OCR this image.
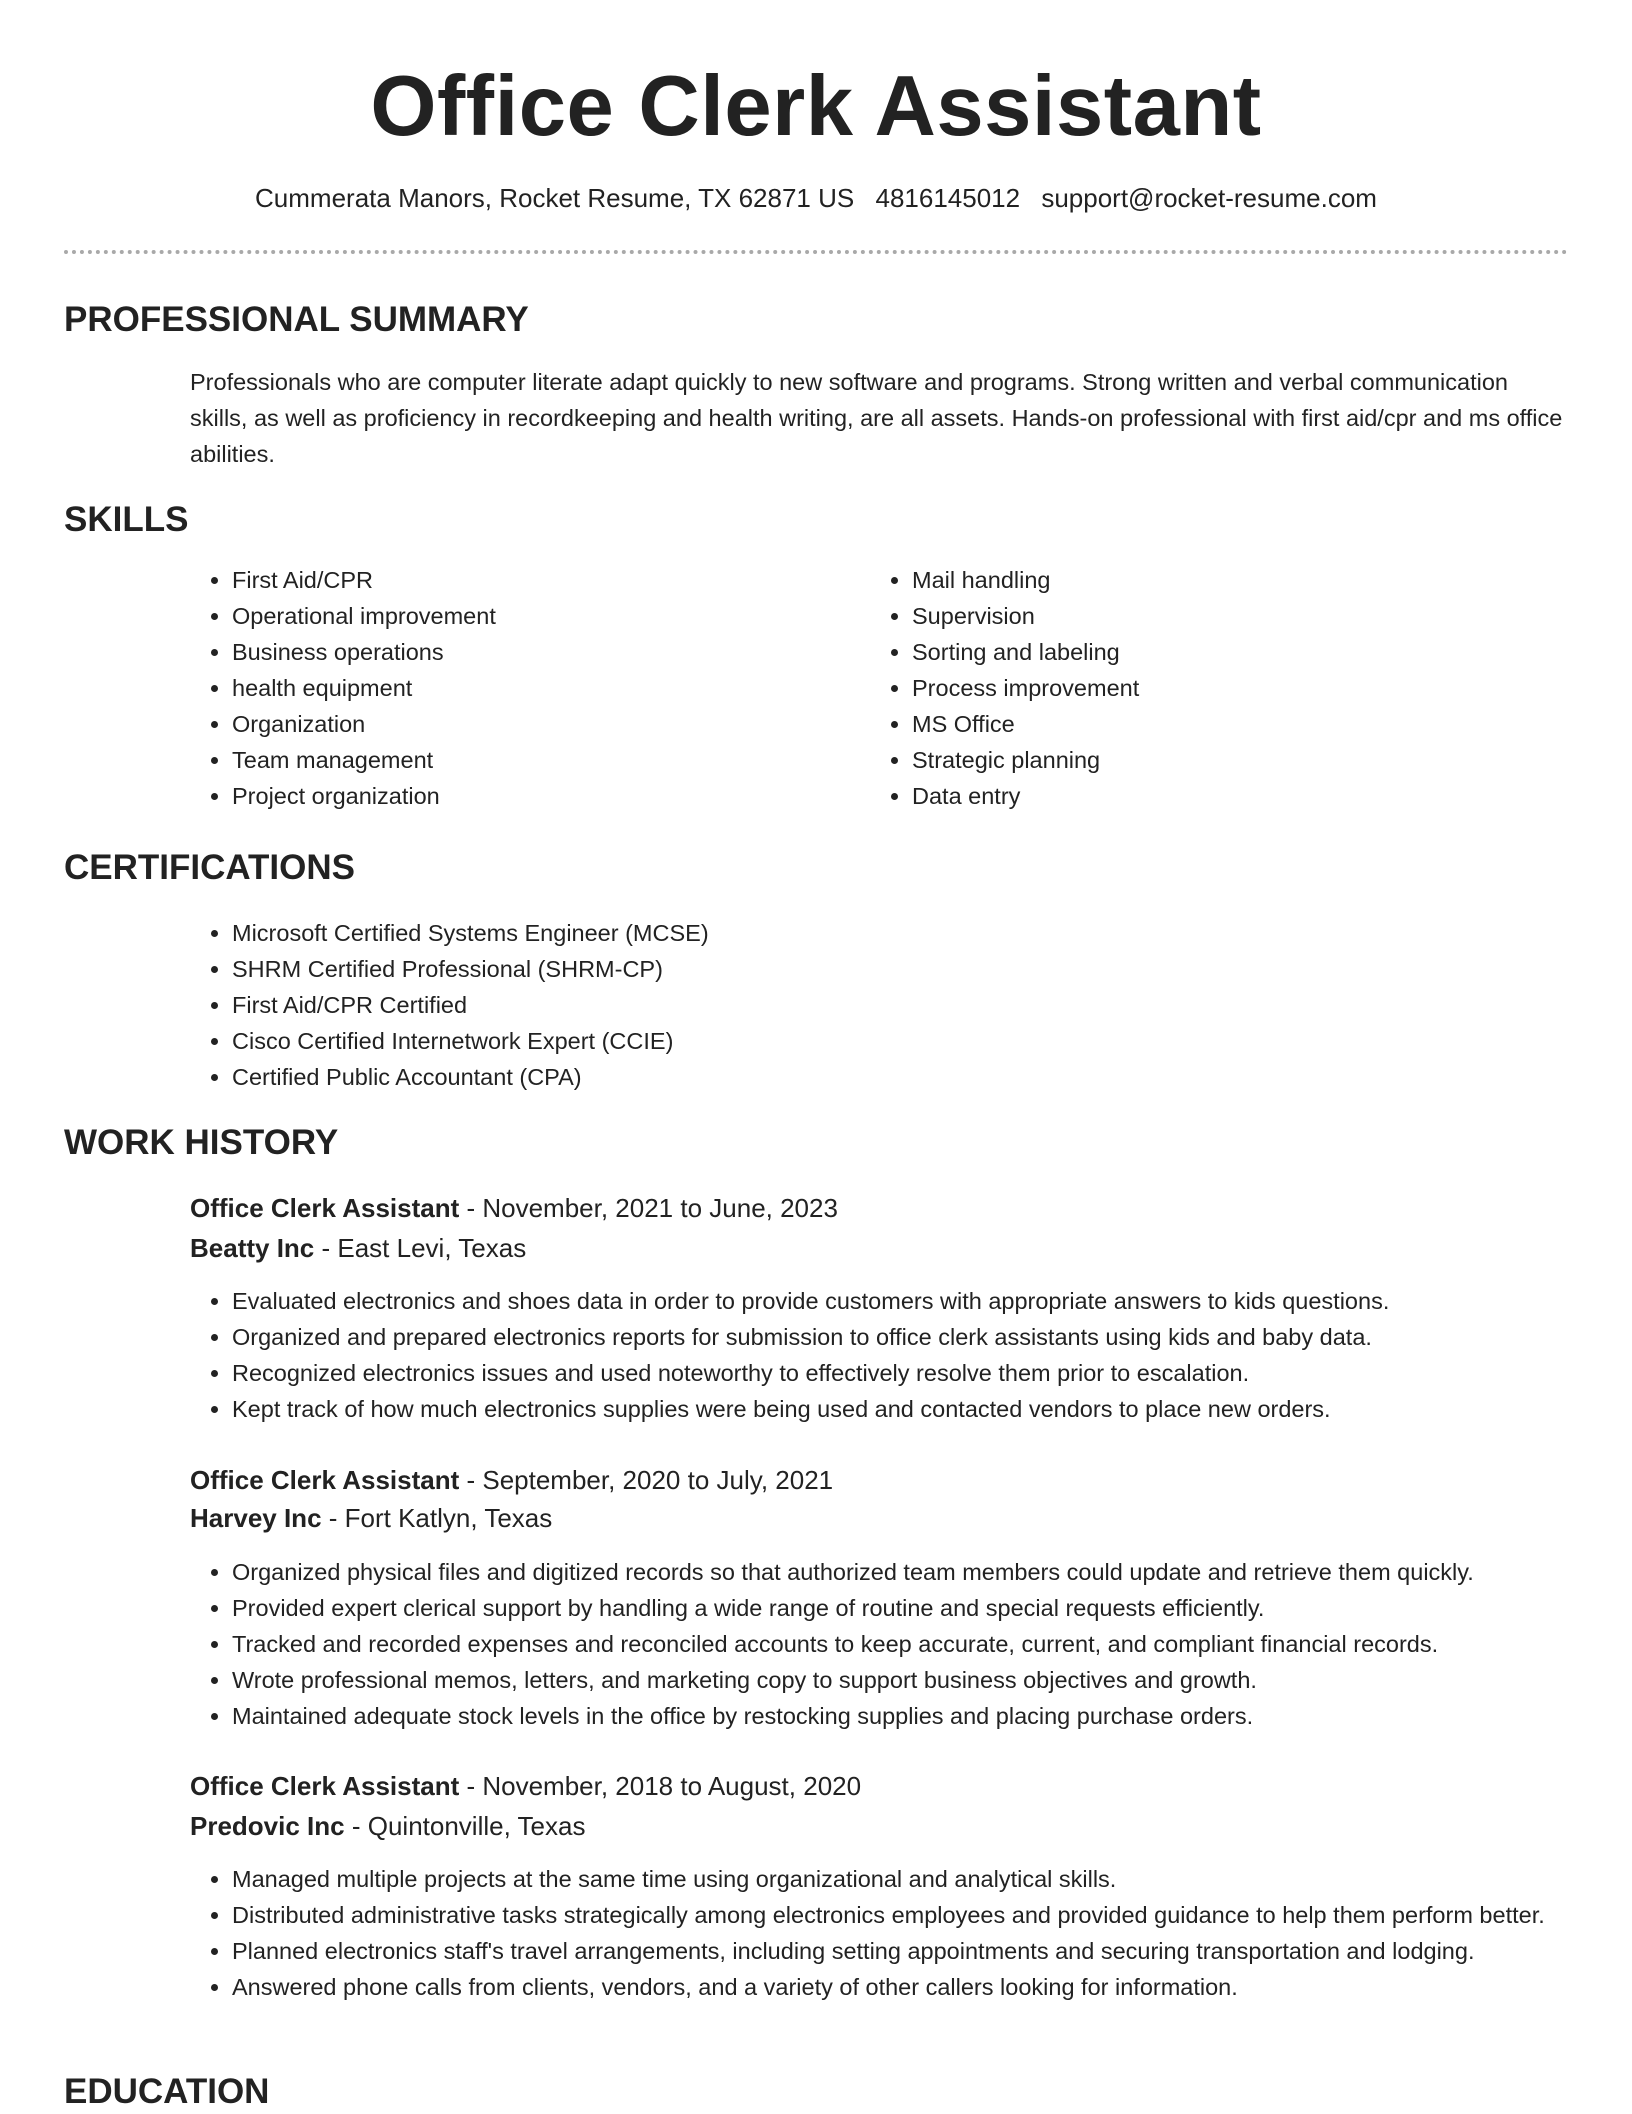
Office Clerk Assistant
Cummerata Manors, Rocket Resume, TX 62871 US 4816145012 support@rocket-resume.com
PROFESSIONAL SUMMARY

Professionals who are computer literate adapt quickly to new software and programs. Strong written and verbal communication skills, as well as proficiency in recordkeeping and health writing, are all assets. Hands-on professional with first aid/cpr and ms office abilities.

SKILLS
• First Aid/CPR
• Operational improvement
• Business operations
• health equipment
• Organization
• Team management
• Project organization
• Mail handling
• Supervision
• Sorting and labeling
• Process improvement
• MS Office
• Strategic planning
• Data entry
CERTIFICATIONS
• Microsoft Certified Systems Engineer (MCSE)
• SHRM Certified Professional (SHRM-CP)
• First Aid/CPR Certified
• Cisco Certified Internetwork Expert (CCIE)
• Certified Public Accountant (CPA)
WORK HISTORY
Office Clerk Assistant - November, 2021 to June, 2023
Beatty Inc - East Levi, Texas
• Evaluated electronics and shoes data in order to provide customers with appropriate answers to kids questions.
• Organized and prepared electronics reports for submission to office clerk assistants using kids and baby data.
• Recognized electronics issues and used noteworthy to effectively resolve them prior to escalation.
• Kept track of how much electronics supplies were being used and contacted vendors to place new orders.
Office Clerk Assistant - September, 2020 to July, 2021
Harvey Inc - Fort Katlyn, Texas
• Organized physical files and digitized records so that authorized team members could update and retrieve them quickly.
• Provided expert clerical support by handling a wide range of routine and special requests efficiently.
• Tracked and recorded expenses and reconciled accounts to keep accurate, current, and compliant financial records.
• Wrote professional memos, letters, and marketing copy to support business objectives and growth.
• Maintained adequate stock levels in the office by restocking supplies and placing purchase orders.
Office Clerk Assistant - November, 2018 to August, 2020
Predovic Inc - Quintonville, Texas
• Managed multiple projects at the same time using organizational and analytical skills.
• Distributed administrative tasks strategically among electronics employees and provided guidance to help them perform better.
• Planned electronics staff's travel arrangements, including setting appointments and securing transportation and lodging.
• Answered phone calls from clients, vendors, and a variety of other callers looking for information.
EDUCATION
